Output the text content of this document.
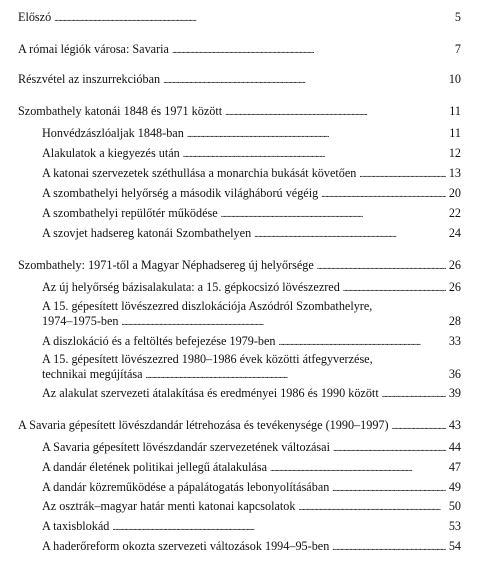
Előszó . . .	5
A római légiók városa: Savaria . . .	7
Részvétel az inszurrekcióban . . .	10
Szombathely katonái 1848 és 1971 között . . .	11
Honvédzászlóaljak 1848-ban . . .	11
Alakulatok a kiegyezés után . . .	12
A katonai szervezetek széthullása a monarchia bukását követően . . .	13
A szombathelyi helyőrség a második világháború végéig . . .	20
A szombathelyi repülőtér működése . . .	22
A szovjet hadsereg katonái Szombathelyen . . .	24
Szombathely: 1971-től a Magyar Néphadsereg új helyőrsége . . .	26
Az új helyőrség bázisalakulata: a 15. gépkocsizó lövészezred . . .	26
A 15. gépesített lövészezred diszlokációja Aszódról Szombathelyre,
1974–1975-ben . . .	28
A diszlokáció és a feltöltés befejezése 1979-ben . . .	33
A 15. gépesített lövészezred 1980–1986 évek közötti átfegyverzése,
technikai megújítása . . .	36
Az alakulat szervezeti átalakítása és eredményei 1986 és 1990 között . . .	39
A Savaria gépesített lövészdandár létrehozása és tevékenysége (1990–1997) . . .	43
A Savaria gépesített lövészdandár szervezetének változásai . . .	44
A dandár életének politikai jellegű átalakulása . . .	47
A dandár közreműködése a pápalátogatás lebonyolításában . . .	49
Az osztrák–magyar határ menti katonai kapcsolatok . . .	50
A taxisblokád . . .	53
A haderőreform okozta szervezeti változások 1994–95-ben . . .	54
